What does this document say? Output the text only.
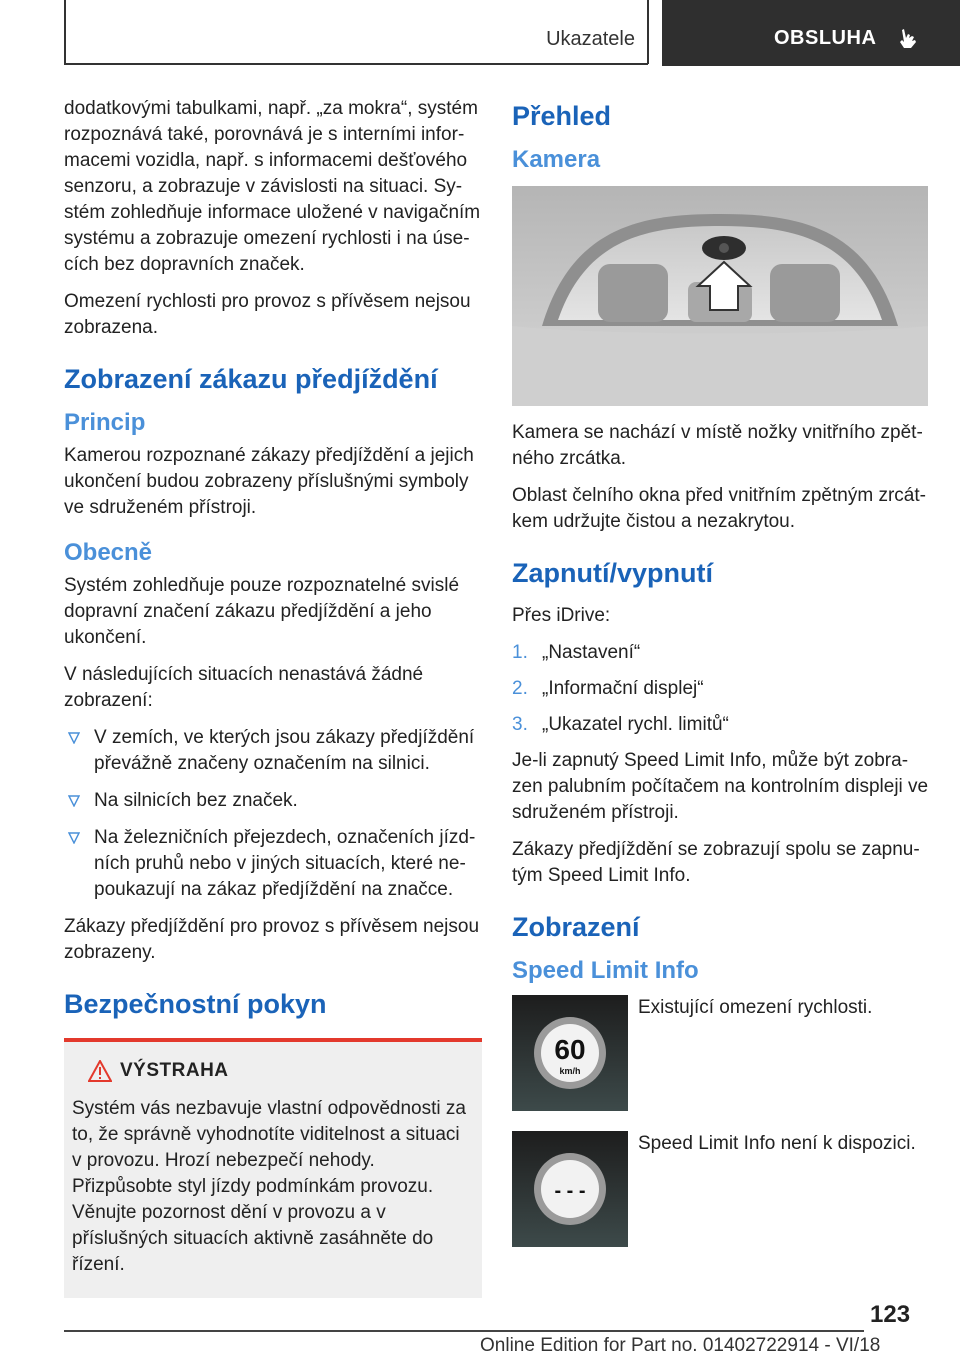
Ukazatele	OBSLUHA

dodatkovými tabulkami, např. „za mokra“, systém rozpoznává také, porovnává je s interními informacemi vozidla, např. s informacemi dešťového senzoru, a zobrazuje v závislosti na situaci. Systém zohledňuje informace uložené v navigačním systému a zobrazuje omezení rychlosti i na úsecích bez dopravních značek.

Omezení rychlosti pro provoz s přívěsem nejsou zobrazena.

Zobrazení zákazu předjíždění
Princip

Kamerou rozpoznané zákazy předjíždění a jejich ukončení budou zobrazeny příslušnými symboly ve sdruženém přístroji.

Obecně

Systém zohledňuje pouze rozpoznatelné svislé dopravní značení zákazu předjíždění a jeho ukončení.

V následujících situacích nenastává žádné zobrazení:

V zemích, ve kterých jsou zákazy předjíždění převážně značeny označením na silnici.
Na silnicích bez značek.
Na železničních přejezdech, označeních jízdních pruhů nebo v jiných situacích, které nepoukazují na zákaz předjíždění na značce.

Zákazy předjíždění pro provoz s přívěsem nejsou zobrazeny.

Bezpečnostní pokyn
VÝSTRAHA

Systém vás nezbavuje vlastní odpovědnosti za to, že správně vyhodnotíte viditelnost a situaci v provozu. Hrozí nebezpečí nehody. Přizpůsobte styl jízdy podmínkám provozu. Věnujte pozornost dění v provozu a v příslušných situacích aktivně zasáhněte do řízení.

Přehled
Kamera

Kamera se nachází v místě nožky vnitřního zpětného zrcátka.

Oblast čelního okna před vnitřním zpětným zrcátkem udržujte čistou a nezakrytou.

Zapnutí/vypnutí

Přes iDrive:

1. „Nastavení“
2. „Informační displej“
3. „Ukazatel rychl. limitů“

Je-li zapnutý Speed Limit Info, může být zobrazen palubním počítačem na kontrolním displeji ve sdruženém přístroji.

Zákazy předjíždění se zobrazují spolu se zapnutým Speed Limit Info.

Zobrazení
Speed Limit Info
60
km/h
Existující omezení rychlosti.
- - -
Speed Limit Info není k dispozici.
123
Online Edition for Part no. 01402722914 - VI/18
